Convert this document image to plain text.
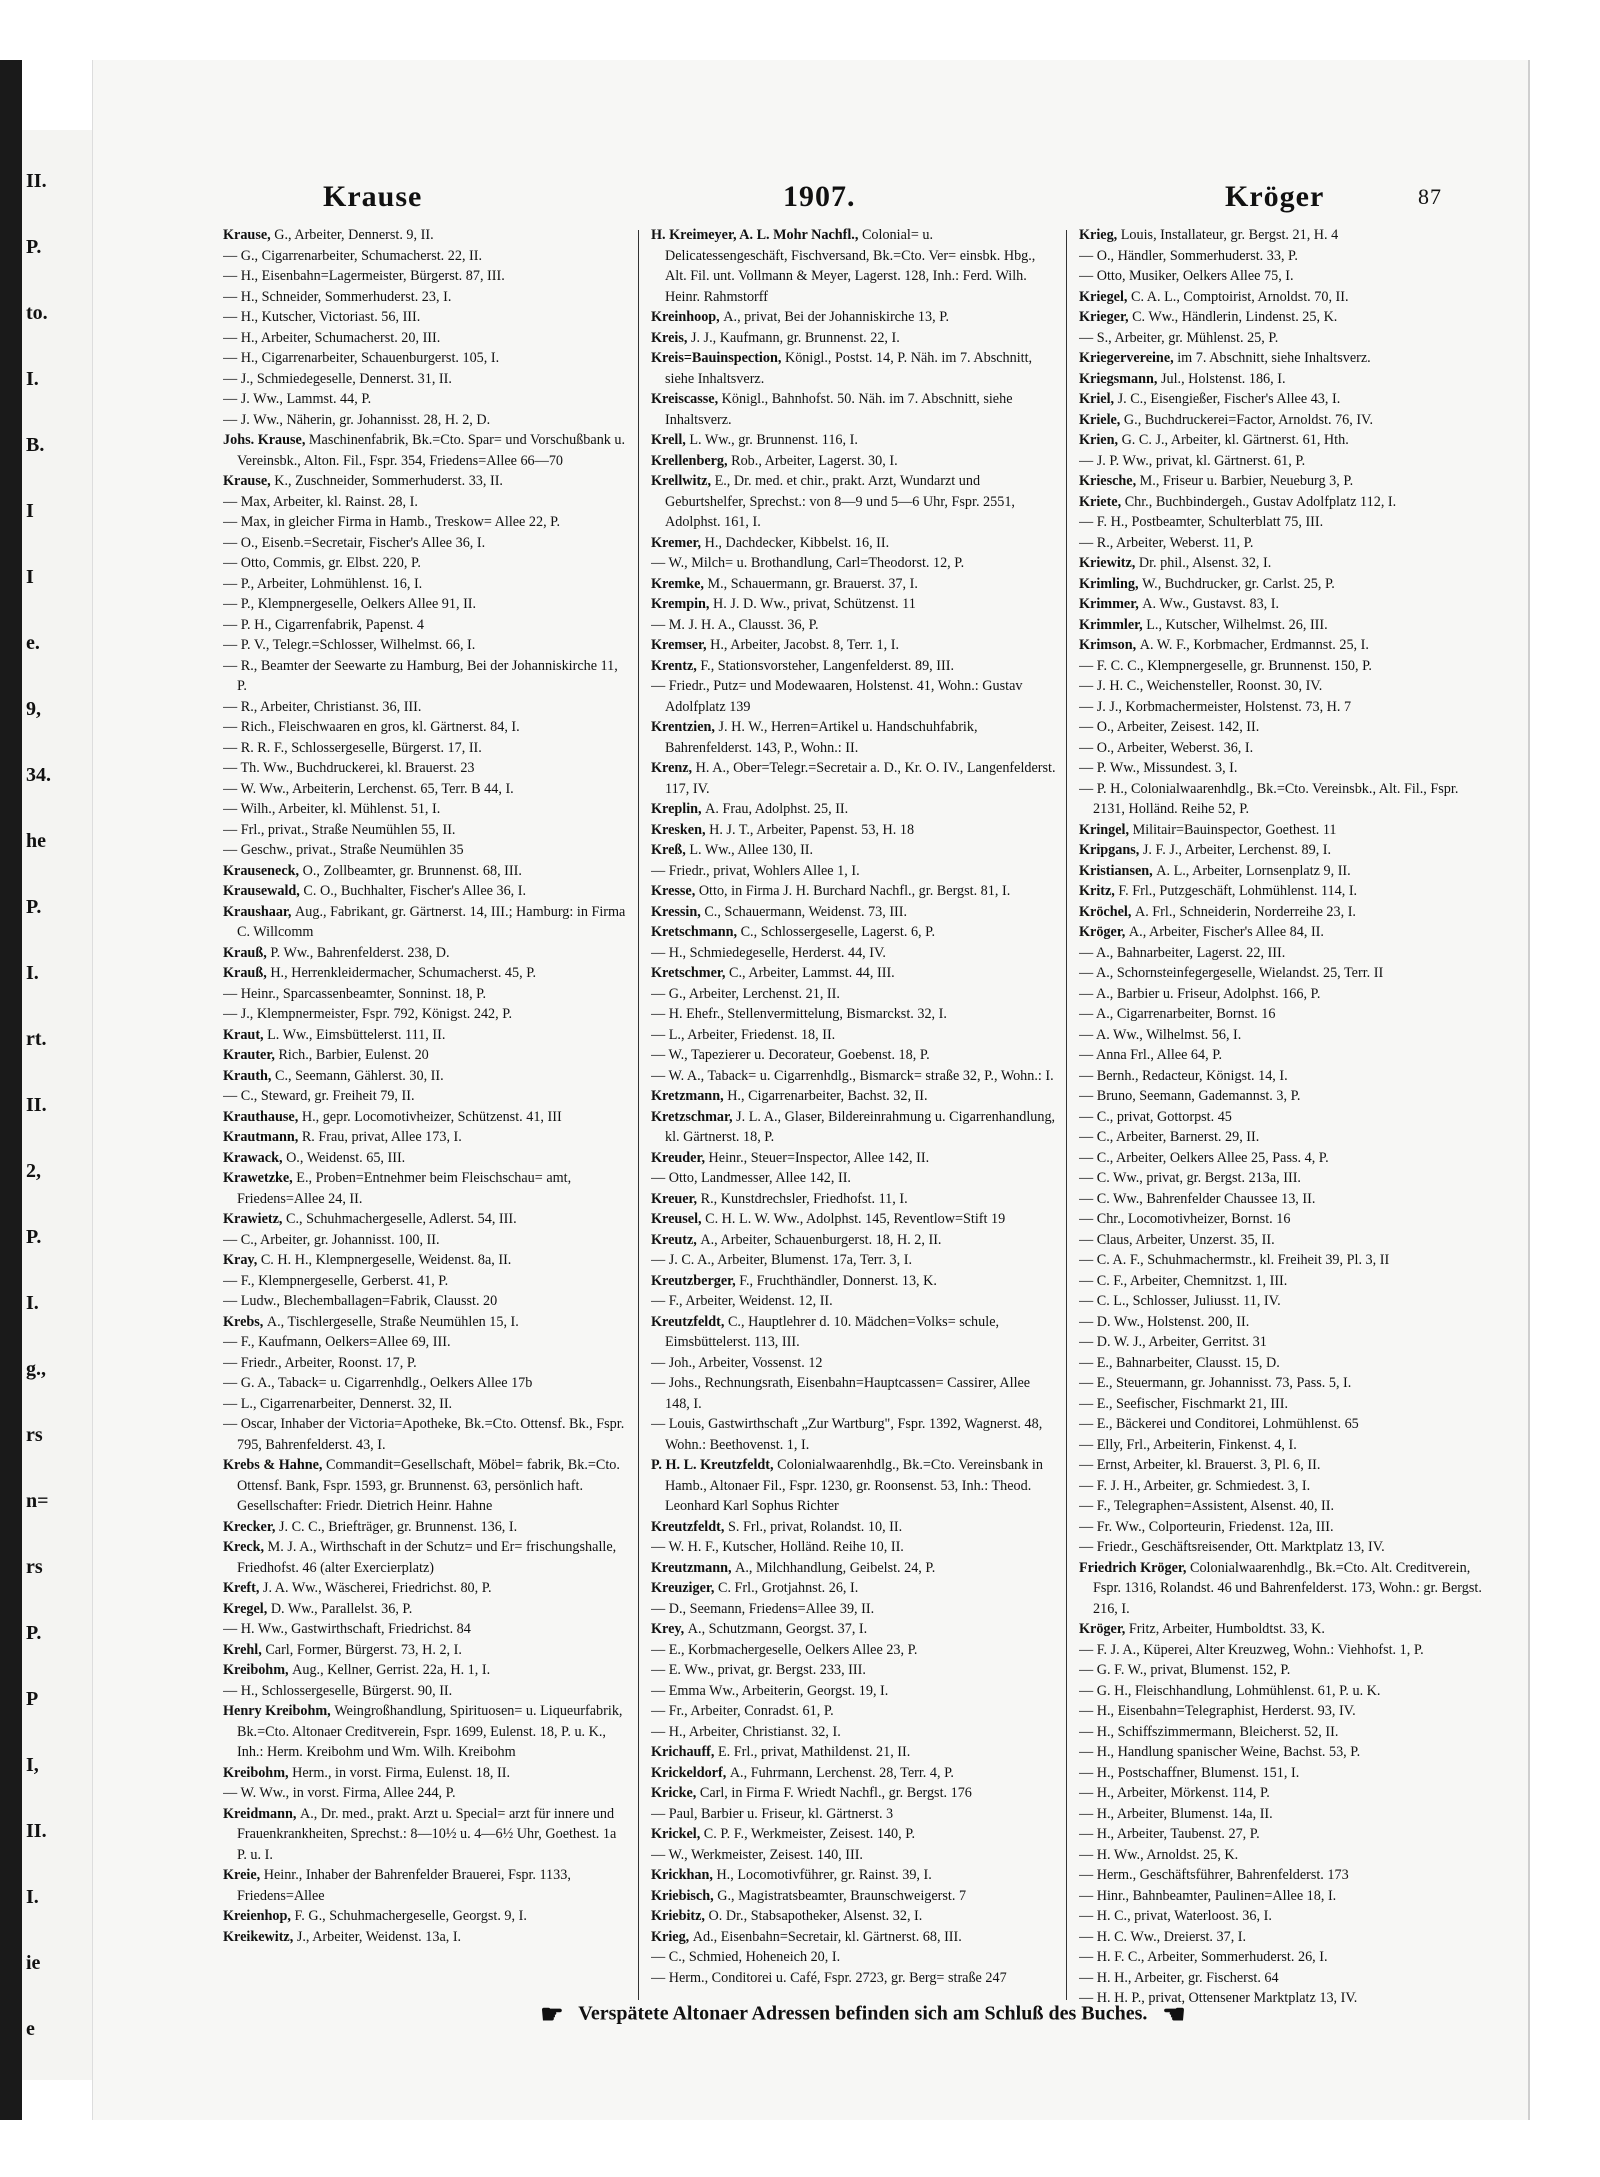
II.
P.
to.
I.
B.
I
I
e.
9,
34.
he
P.
I.
rt.
II.
2,
P.
I.
g.,
rs
n=
rs
P.
P
I,
II.
I.
ie
e
Krause	1907.	Kröger	87

Krause, G., Arbeiter, Dennerst. 9, II.

— G., Cigarrenarbeiter, Schumacherst. 22, II.

— H., Eisenbahn=Lagermeister, Bürgerst. 87, III.

— H., Schneider, Sommerhuderst. 23, I.

— H., Kutscher, Victoriast. 56, III.

— H., Arbeiter, Schumacherst. 20, III.

— H., Cigarrenarbeiter, Schauenburgerst. 105, I.

— J., Schmiedegeselle, Dennerst. 31, II.

— J. Ww., Lammst. 44, P.

— J. Ww., Näherin, gr. Johannisst. 28, H. 2, D.

Johs. Krause, Maschinenfabrik, Bk.=Cto. Spar= und Vorschußbank u. Vereinsbk., Alton. Fil., Fspr. 354, Friedens=Allee 66—70

Krause, K., Zuschneider, Sommerhuderst. 33, II.

— Max, Arbeiter, kl. Rainst. 28, I.

— Max, in gleicher Firma in Hamb., Treskow= Allee 22, P.

— O., Eisenb.=Secretair, Fischer's Allee 36, I.

— Otto, Commis, gr. Elbst. 220, P.

— P., Arbeiter, Lohmühlenst. 16, I.

— P., Klempnergeselle, Oelkers Allee 91, II.

— P. H., Cigarrenfabrik, Papenst. 4

— P. V., Telegr.=Schlosser, Wilhelmst. 66, I.

— R., Beamter der Seewarte zu Hamburg, Bei der Johanniskirche 11, P.

— R., Arbeiter, Christianst. 36, III.

— Rich., Fleischwaaren en gros, kl. Gärtnerst. 84, I.

— R. R. F., Schlossergeselle, Bürgerst. 17, II.

— Th. Ww., Buchdruckerei, kl. Brauerst. 23

— W. Ww., Arbeiterin, Lerchenst. 65, Terr. B 44, I.

— Wilh., Arbeiter, kl. Mühlenst. 51, I.

— Frl., privat., Straße Neumühlen 55, II.

— Geschw., privat., Straße Neumühlen 35

Krauseneck, O., Zollbeamter, gr. Brunnenst. 68, III.

Krausewald, C. O., Buchhalter, Fischer's Allee 36, I.

Kraushaar, Aug., Fabrikant, gr. Gärtnerst. 14, III.; Hamburg: in Firma C. Willcomm

Krauß, P. Ww., Bahrenfelderst. 238, D.

Krauß, H., Herrenkleidermacher, Schumacherst. 45, P.

— Heinr., Sparcassenbeamter, Sonninst. 18, P.

— J., Klempnermeister, Fspr. 792, Königst. 242, P.

Kraut, L. Ww., Eimsbüttelerst. 111, II.

Krauter, Rich., Barbier, Eulenst. 20

Krauth, C., Seemann, Gählerst. 30, II.

— C., Steward, gr. Freiheit 79, II.

Krauthause, H., gepr. Locomotivheizer, Schützenst. 41, III

Krautmann, R. Frau, privat, Allee 173, I.

Krawack, O., Weidenst. 65, III.

Krawetzke, E., Proben=Entnehmer beim Fleischschau= amt, Friedens=Allee 24, II.

Krawietz, C., Schuhmachergeselle, Adlerst. 54, III.

— C., Arbeiter, gr. Johannisst. 100, II.

Kray, C. H. H., Klempnergeselle, Weidenst. 8a, II.

— F., Klempnergeselle, Gerberst. 41, P.

— Ludw., Blechemballagen=Fabrik, Clausst. 20

Krebs, A., Tischlergeselle, Straße Neumühlen 15, I.

— F., Kaufmann, Oelkers=Allee 69, III.

— Friedr., Arbeiter, Roonst. 17, P.

— G. A., Taback= u. Cigarrenhdlg., Oelkers Allee 17b

— L., Cigarrenarbeiter, Dennerst. 32, II.

— Oscar, Inhaber der Victoria=Apotheke, Bk.=Cto. Ottensf. Bk., Fspr. 795, Bahrenfelderst. 43, I.

Krebs & Hahne, Commandit=Gesellschaft, Möbel= fabrik, Bk.=Cto. Ottensf. Bank, Fspr. 1593, gr. Brunnenst. 63, persönlich haft. Gesellschafter: Friedr. Dietrich Heinr. Hahne

Krecker, J. C. C., Briefträger, gr. Brunnenst. 136, I.

Kreck, M. J. A., Wirthschaft in der Schutz= und Er= frischungshalle, Friedhofst. 46 (alter Exercierplatz)

Kreft, J. A. Ww., Wäscherei, Friedrichst. 80, P.

Kregel, D. Ww., Parallelst. 36, P.

— H. Ww., Gastwirthschaft, Friedrichst. 84

Krehl, Carl, Former, Bürgerst. 73, H. 2, I.

Kreibohm, Aug., Kellner, Gerrist. 22a, H. 1, I.

— H., Schlossergeselle, Bürgerst. 90, II.

Henry Kreibohm, Weingroßhandlung, Spirituosen= u. Liqueurfabrik, Bk.=Cto. Altonaer Creditverein, Fspr. 1699, Eulenst. 18, P. u. K., Inh.: Herm. Kreibohm und Wm. Wilh. Kreibohm

Kreibohm, Herm., in vorst. Firma, Eulenst. 18, II.

— W. Ww., in vorst. Firma, Allee 244, P.

Kreidmann, A., Dr. med., prakt. Arzt u. Special= arzt für innere und Frauenkrankheiten, Sprechst.: 8—10½ u. 4—6½ Uhr, Goethest. 1a P. u. I.

Kreie, Heinr., Inhaber der Bahrenfelder Brauerei, Fspr. 1133, Friedens=Allee

Kreienhop, F. G., Schuhmachergeselle, Georgst. 9, I.

Kreikewitz, J., Arbeiter, Weidenst. 13a, I.

H. Kreimeyer, A. L. Mohr Nachfl., Colonial= u. Delicatessengeschäft, Fischversand, Bk.=Cto. Ver= einsbk. Hbg., Alt. Fil. unt. Vollmann & Meyer, Lagerst. 128, Inh.: Ferd. Wilh. Heinr. Rahmstorff

Kreinhoop, A., privat, Bei der Johanniskirche 13, P.

Kreis, J. J., Kaufmann, gr. Brunnenst. 22, I.

Kreis=Bauinspection, Königl., Postst. 14, P. Näh. im 7. Abschnitt, siehe Inhaltsverz.

Kreiscasse, Königl., Bahnhofst. 50. Näh. im 7. Abschnitt, siehe Inhaltsverz.

Krell, L. Ww., gr. Brunnenst. 116, I.

Krellenberg, Rob., Arbeiter, Lagerst. 30, I.

Krellwitz, E., Dr. med. et chir., prakt. Arzt, Wundarzt und Geburtshelfer, Sprechst.: von 8—9 und 5—6 Uhr, Fspr. 2551, Adolphst. 161, I.

Kremer, H., Dachdecker, Kibbelst. 16, II.

— W., Milch= u. Brothandlung, Carl=Theodorst. 12, P.

Kremke, M., Schauermann, gr. Brauerst. 37, I.

Krempin, H. J. D. Ww., privat, Schützenst. 11

— M. J. H. A., Clausst. 36, P.

Kremser, H., Arbeiter, Jacobst. 8, Terr. 1, I.

Krentz, F., Stationsvorsteher, Langenfelderst. 89, III.

— Friedr., Putz= und Modewaaren, Holstenst. 41, Wohn.: Gustav Adolfplatz 139

Krentzien, J. H. W., Herren=Artikel u. Handschuhfabrik, Bahrenfelderst. 143, P., Wohn.: II.

Krenz, H. A., Ober=Telegr.=Secretair a. D., Kr. O. IV., Langenfelderst. 117, IV.

Kreplin, A. Frau, Adolphst. 25, II.

Kresken, H. J. T., Arbeiter, Papenst. 53, H. 18

Kreß, L. Ww., Allee 130, II.

— Friedr., privat, Wohlers Allee 1, I.

Kresse, Otto, in Firma J. H. Burchard Nachfl., gr. Bergst. 81, I.

Kressin, C., Schauermann, Weidenst. 73, III.

Kretschmann, C., Schlossergeselle, Lagerst. 6, P.

— H., Schmiedegeselle, Herderst. 44, IV.

Kretschmer, C., Arbeiter, Lammst. 44, III.

— G., Arbeiter, Lerchenst. 21, II.

— H. Ehefr., Stellenvermittelung, Bismarckst. 32, I.

— L., Arbeiter, Friedenst. 18, II.

— W., Tapezierer u. Decorateur, Goebenst. 18, P.

— W. A., Taback= u. Cigarrenhdlg., Bismarck= straße 32, P., Wohn.: I.

Kretzmann, H., Cigarrenarbeiter, Bachst. 32, II.

Kretzschmar, J. L. A., Glaser, Bildereinrahmung u. Cigarrenhandlung, kl. Gärtnerst. 18, P.

Kreuder, Heinr., Steuer=Inspector, Allee 142, II.

— Otto, Landmesser, Allee 142, II.

Kreuer, R., Kunstdrechsler, Friedhofst. 11, I.

Kreusel, C. H. L. W. Ww., Adolphst. 145, Reventlow=Stift 19

Kreutz, A., Arbeiter, Schauenburgerst. 18, H. 2, II.

— J. C. A., Arbeiter, Blumenst. 17a, Terr. 3, I.

Kreutzberger, F., Fruchthändler, Donnerst. 13, K.

— F., Arbeiter, Weidenst. 12, II.

Kreutzfeldt, C., Hauptlehrer d. 10. Mädchen=Volks= schule, Eimsbüttelerst. 113, III.

— Joh., Arbeiter, Vossenst. 12

— Johs., Rechnungsrath, Eisenbahn=Hauptcassen= Cassirer, Allee 148, I.

— Louis, Gastwirthschaft „Zur Wartburg", Fspr. 1392, Wagnerst. 48, Wohn.: Beethovenst. 1, I.

P. H. L. Kreutzfeldt, Colonialwaarenhdlg., Bk.=Cto. Vereinsbank in Hamb., Altonaer Fil., Fspr. 1230, gr. Roonsenst. 53, Inh.: Theod. Leonhard Karl Sophus Richter

Kreutzfeldt, S. Frl., privat, Rolandst. 10, II.

— W. H. F., Kutscher, Holländ. Reihe 10, II.

Kreutzmann, A., Milchhandlung, Geibelst. 24, P.

Kreuziger, C. Frl., Grotjahnst. 26, I.

— D., Seemann, Friedens=Allee 39, II.

Krey, A., Schutzmann, Georgst. 37, I.

— E., Korbmachergeselle, Oelkers Allee 23, P.

— E. Ww., privat, gr. Bergst. 233, III.

— Emma Ww., Arbeiterin, Georgst. 19, I.

— Fr., Arbeiter, Conradst. 61, P.

— H., Arbeiter, Christianst. 32, I.

Krichauff, E. Frl., privat, Mathildenst. 21, II.

Krickeldorf, A., Fuhrmann, Lerchenst. 28, Terr. 4, P.

Kricke, Carl, in Firma F. Wriedt Nachfl., gr. Bergst. 176

— Paul, Barbier u. Friseur, kl. Gärtnerst. 3

Krickel, C. P. F., Werkmeister, Zeisest. 140, P.

— W., Werkmeister, Zeisest. 140, III.

Krickhan, H., Locomotivführer, gr. Rainst. 39, I.

Kriebisch, G., Magistratsbeamter, Braunschweigerst. 7

Kriebitz, O. Dr., Stabsapotheker, Alsenst. 32, I.

Krieg, Ad., Eisenbahn=Secretair, kl. Gärtnerst. 68, III.

— C., Schmied, Hoheneich 20, I.

— Herm., Conditorei u. Café, Fspr. 2723, gr. Berg= straße 247

Krieg, Louis, Installateur, gr. Bergst. 21, H. 4

— O., Händler, Sommerhuderst. 33, P.

— Otto, Musiker, Oelkers Allee 75, I.

Kriegel, C. A. L., Comptoirist, Arnoldst. 70, II.

Krieger, C. Ww., Händlerin, Lindenst. 25, K.

— S., Arbeiter, gr. Mühlenst. 25, P.

Kriegervereine, im 7. Abschnitt, siehe Inhaltsverz.

Kriegsmann, Jul., Holstenst. 186, I.

Kriel, J. C., Eisengießer, Fischer's Allee 43, I.

Kriele, G., Buchdruckerei=Factor, Arnoldst. 76, IV.

Krien, G. C. J., Arbeiter, kl. Gärtnerst. 61, Hth.

— J. P. Ww., privat, kl. Gärtnerst. 61, P.

Kriesche, M., Friseur u. Barbier, Neueburg 3, P.

Kriete, Chr., Buchbindergeh., Gustav Adolfplatz 112, I.

— F. H., Postbeamter, Schulterblatt 75, III.

— R., Arbeiter, Weberst. 11, P.

Kriewitz, Dr. phil., Alsenst. 32, I.

Krimling, W., Buchdrucker, gr. Carlst. 25, P.

Krimmer, A. Ww., Gustavst. 83, I.

Krimmler, L., Kutscher, Wilhelmst. 26, III.

Krimson, A. W. F., Korbmacher, Erdmannst. 25, I.

— F. C. C., Klempnergeselle, gr. Brunnenst. 150, P.

— J. H. C., Weichensteller, Roonst. 30, IV.

— J. J., Korbmachermeister, Holstenst. 73, H. 7

— O., Arbeiter, Zeisest. 142, II.

— O., Arbeiter, Weberst. 36, I.

— P. Ww., Missundest. 3, I.

— P. H., Colonialwaarenhdlg., Bk.=Cto. Vereinsbk., Alt. Fil., Fspr. 2131, Holländ. Reihe 52, P.

Kringel, Militair=Bauinspector, Goethest. 11

Kripgans, J. F. J., Arbeiter, Lerchenst. 89, I.

Kristiansen, A. L., Arbeiter, Lornsenplatz 9, II.

Kritz, F. Frl., Putzgeschäft, Lohmühlenst. 114, I.

Kröchel, A. Frl., Schneiderin, Norderreihe 23, I.

Kröger, A., Arbeiter, Fischer's Allee 84, II.

— A., Bahnarbeiter, Lagerst. 22, III.

— A., Schornsteinfegergeselle, Wielandst. 25, Terr. II

— A., Barbier u. Friseur, Adolphst. 166, P.

— A., Cigarrenarbeiter, Bornst. 16

— A. Ww., Wilhelmst. 56, I.

— Anna Frl., Allee 64, P.

— Bernh., Redacteur, Königst. 14, I.

— Bruno, Seemann, Gademannst. 3, P.

— C., privat, Gottorpst. 45

— C., Arbeiter, Barnerst. 29, II.

— C., Arbeiter, Oelkers Allee 25, Pass. 4, P.

— C. Ww., privat, gr. Bergst. 213a, III.

— C. Ww., Bahrenfelder Chaussee 13, II.

— Chr., Locomotivheizer, Bornst. 16

— Claus, Arbeiter, Unzerst. 35, II.

— C. A. F., Schuhmachermstr., kl. Freiheit 39, Pl. 3, II

— C. F., Arbeiter, Chemnitzst. 1, III.

— C. L., Schlosser, Juliusst. 11, IV.

— D. Ww., Holstenst. 200, II.

— D. W. J., Arbeiter, Gerritst. 31

— E., Bahnarbeiter, Clausst. 15, D.

— E., Steuermann, gr. Johannisst. 73, Pass. 5, I.

— E., Seefischer, Fischmarkt 21, III.

— E., Bäckerei und Conditorei, Lohmühlenst. 65

— Elly, Frl., Arbeiterin, Finkenst. 4, I.

— Ernst, Arbeiter, kl. Brauerst. 3, Pl. 6, II.

— F. J. H., Arbeiter, gr. Schmiedest. 3, I.

— F., Telegraphen=Assistent, Alsenst. 40, II.

— Fr. Ww., Colporteurin, Friedenst. 12a, III.

— Friedr., Geschäftsreisender, Ott. Marktplatz 13, IV.

Friedrich Kröger, Colonialwaarenhdlg., Bk.=Cto. Alt. Creditverein, Fspr. 1316, Rolandst. 46 und Bahrenfelderst. 173, Wohn.: gr. Bergst. 216, I.

Kröger, Fritz, Arbeiter, Humboldtst. 33, K.

— F. J. A., Küperei, Alter Kreuzweg, Wohn.: Viehhofst. 1, P.

— G. F. W., privat, Blumenst. 152, P.

— G. H., Fleischhandlung, Lohmühlenst. 61, P. u. K.

— H., Eisenbahn=Telegraphist, Herderst. 93, IV.

— H., Schiffszimmermann, Bleicherst. 52, II.

— H., Handlung spanischer Weine, Bachst. 53, P.

— H., Postschaffner, Blumenst. 151, I.

— H., Arbeiter, Mörkenst. 114, P.

— H., Arbeiter, Blumenst. 14a, II.

— H., Arbeiter, Taubenst. 27, P.

— H. Ww., Arnoldst. 25, K.

— Herm., Geschäftsführer, Bahrenfelderst. 173

— Hinr., Bahnbeamter, Paulinen=Allee 18, I.

— H. C., privat, Waterloost. 36, I.

— H. C. Ww., Dreierst. 37, I.

— H. F. C., Arbeiter, Sommerhuderst. 26, I.

— H. H., Arbeiter, gr. Fischerst. 64

— H. H. P., privat, Ottensener Marktplatz 13, IV.

☛ Verspätete Altonaer Adressen befinden sich am Schluß des Buches. ☚
